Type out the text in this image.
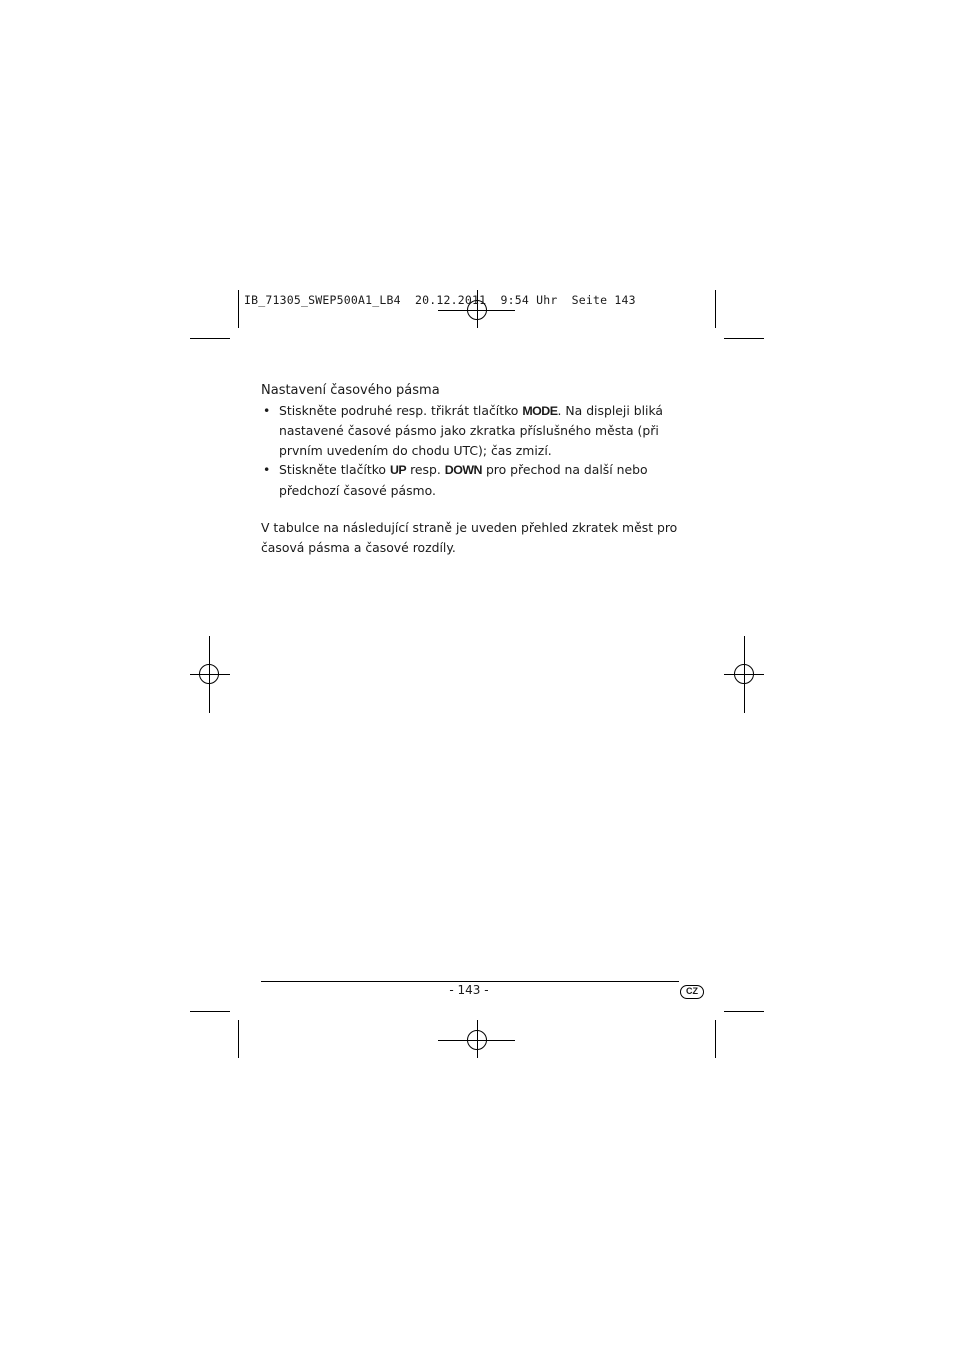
IB_71305_SWEP500A1_LB4  20.12.2011  9:54 Uhr  Seite 143
Nastavení časového pásma
• Stiskněte podruhé resp. třikrát tlačítko MODE. Na displeji bliká nastavené časové pásmo jako zkratka příslušného města (při prvním uvedením do chodu UTC); čas zmizí.
• Stiskněte tlačítko UP resp. DOWN pro přechod na další nebo předchozí časové pásmo.
V tabulce na následující straně je uveden přehled zkratek měst pro časová pásma a časové rozdíly.
- 143 -	CZ
